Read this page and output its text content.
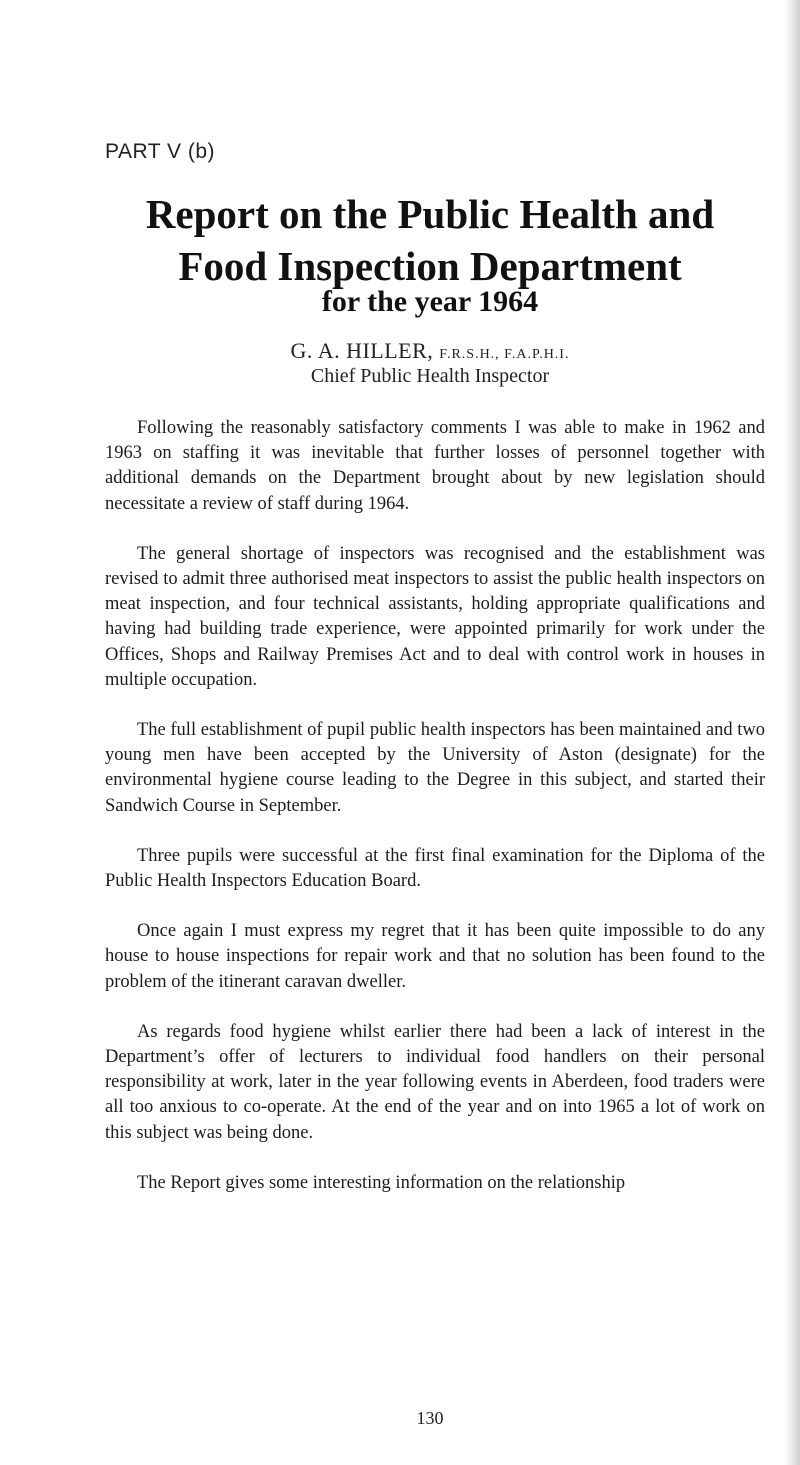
PART V (b)
Report on the Public Health and
Food Inspection Department
for the year 1964
G. A. HILLER, F.R.S.H., F.A.P.H.I.
Chief Public Health Inspector

Following the reasonably satisfactory comments I was able to make in 1962 and 1963 on staffing it was inevitable that further losses of personnel together with additional demands on the Department brought about by new legislation should necessitate a review of staff during 1964.

The general shortage of inspectors was recognised and the establishment was revised to admit three authorised meat inspectors to assist the public health inspectors on meat inspection, and four technical assistants, holding appropriate qualifications and having had building trade experience, were appointed primarily for work under the Offices, Shops and Railway Premises Act and to deal with control work in houses in multiple occupation.

The full establishment of pupil public health inspectors has been maintained and two young men have been accepted by the University of Aston (designate) for the environmental hygiene course leading to the Degree in this subject, and started their Sandwich Course in September.

Three pupils were successful at the first final examination for the Diploma of the Public Health Inspectors Education Board.

Once again I must express my regret that it has been quite impossible to do any house to house inspections for repair work and that no solution has been found to the problem of the itinerant caravan dweller.

As regards food hygiene whilst earlier there had been a lack of interest in the Department’s offer of lecturers to individual food handlers on their personal responsibility at work, later in the year following events in Aberdeen, food traders were all too anxious to co-operate. At the end of the year and on into 1965 a lot of work on this subject was being done.

The Report gives some interesting information on the relationship

130
